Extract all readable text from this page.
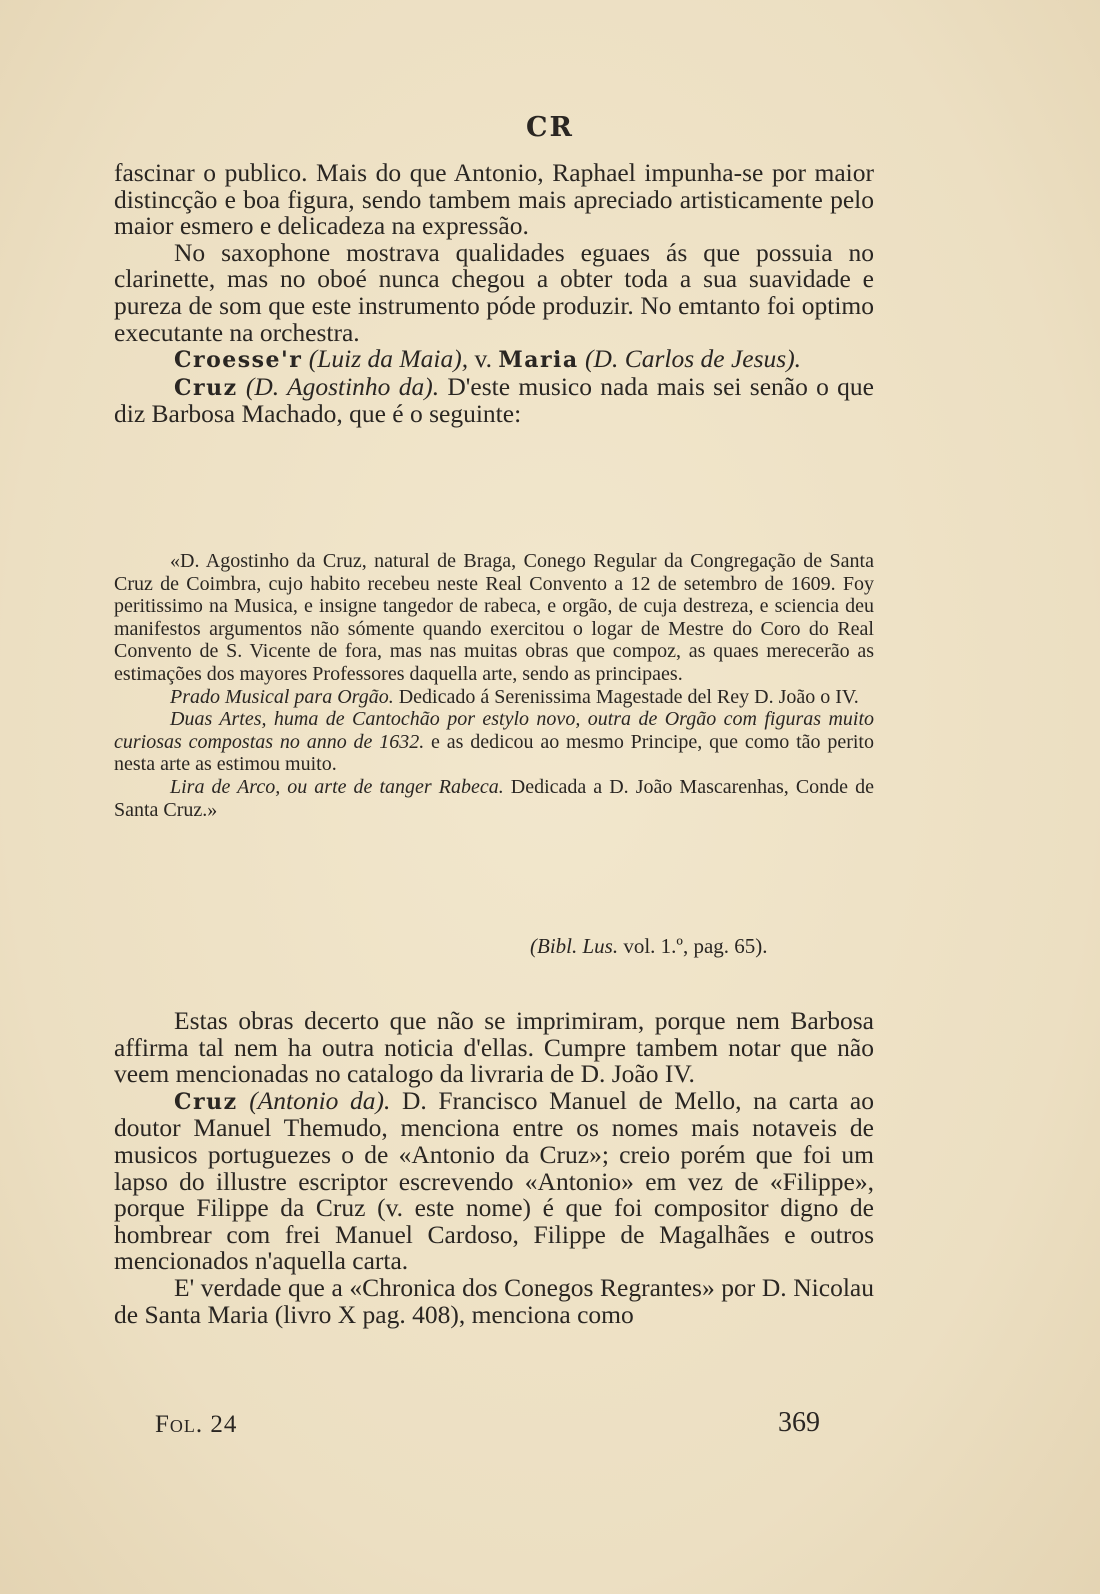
CR

fascinar o publico. Mais do que Antonio, Raphael impunha-se por maior distincção e boa figura, sendo tambem mais apreciado artisticamente pelo maior esmero e delicadeza na expressão.

No saxophone mostrava qualidades eguaes ás que possuia no clarinette, mas no oboé nunca chegou a obter toda a sua suavidade e pureza de som que este instrumento póde produzir. No emtanto foi optimo executante na orchestra.

Croesse'r (Luiz da Maia), v. Maria (D. Carlos de Jesus).

Cruz (D. Agostinho da). D'este musico nada mais sei senão o que diz Barbosa Machado, que é o seguinte:

«D. Agostinho da Cruz, natural de Braga, Conego Regular da Congregação de Santa Cruz de Coimbra, cujo habito recebeu neste Real Convento a 12 de setembro de 1609. Foy peritissimo na Musica, e insigne tangedor de rabeca, e orgão, de cuja destreza, e sciencia deu manifestos argumentos não sómente quando exercitou o logar de Mestre do Coro do Real Convento de S. Vicente de fora, mas nas muitas obras que compoz, as quaes merecerão as estimações dos mayores Professores daquella arte, sendo as principaes.

Prado Musical para Orgão. Dedicado á Serenissima Magestade del Rey D. João o IV.

Duas Artes, huma de Cantochão por estylo novo, outra de Orgão com figuras muito curiosas compostas no anno de 1632. e as dedicou ao mesmo Principe, que como tão perito nesta arte as estimou muito.

Lira de Arco, ou arte de tanger Rabeca. Dedicada a D. João Mascarenhas, Conde de Santa Cruz.»

(Bibl. Lus. vol. 1.º, pag. 65).

Estas obras decerto que não se imprimiram, porque nem Barbosa affirma tal nem ha outra noticia d'ellas. Cumpre tambem notar que não veem mencionadas no catalogo da livraria de D. João IV.

Cruz (Antonio da). D. Francisco Manuel de Mello, na carta ao doutor Manuel Themudo, menciona entre os nomes mais notaveis de musicos portuguezes o de «Antonio da Cruz»; creio porém que foi um lapso do illustre escriptor escrevendo «Antonio» em vez de «Filippe», porque Filippe da Cruz (v. este nome) é que foi compositor digno de hombrear com frei Manuel Cardoso, Filippe de Magalhães e outros mencionados n'aquella carta.

E' verdade que a «Chronica dos Conegos Regrantes» por D. Nicolau de Santa Maria (livro X pag. 408), menciona como

Fol. 24	369
